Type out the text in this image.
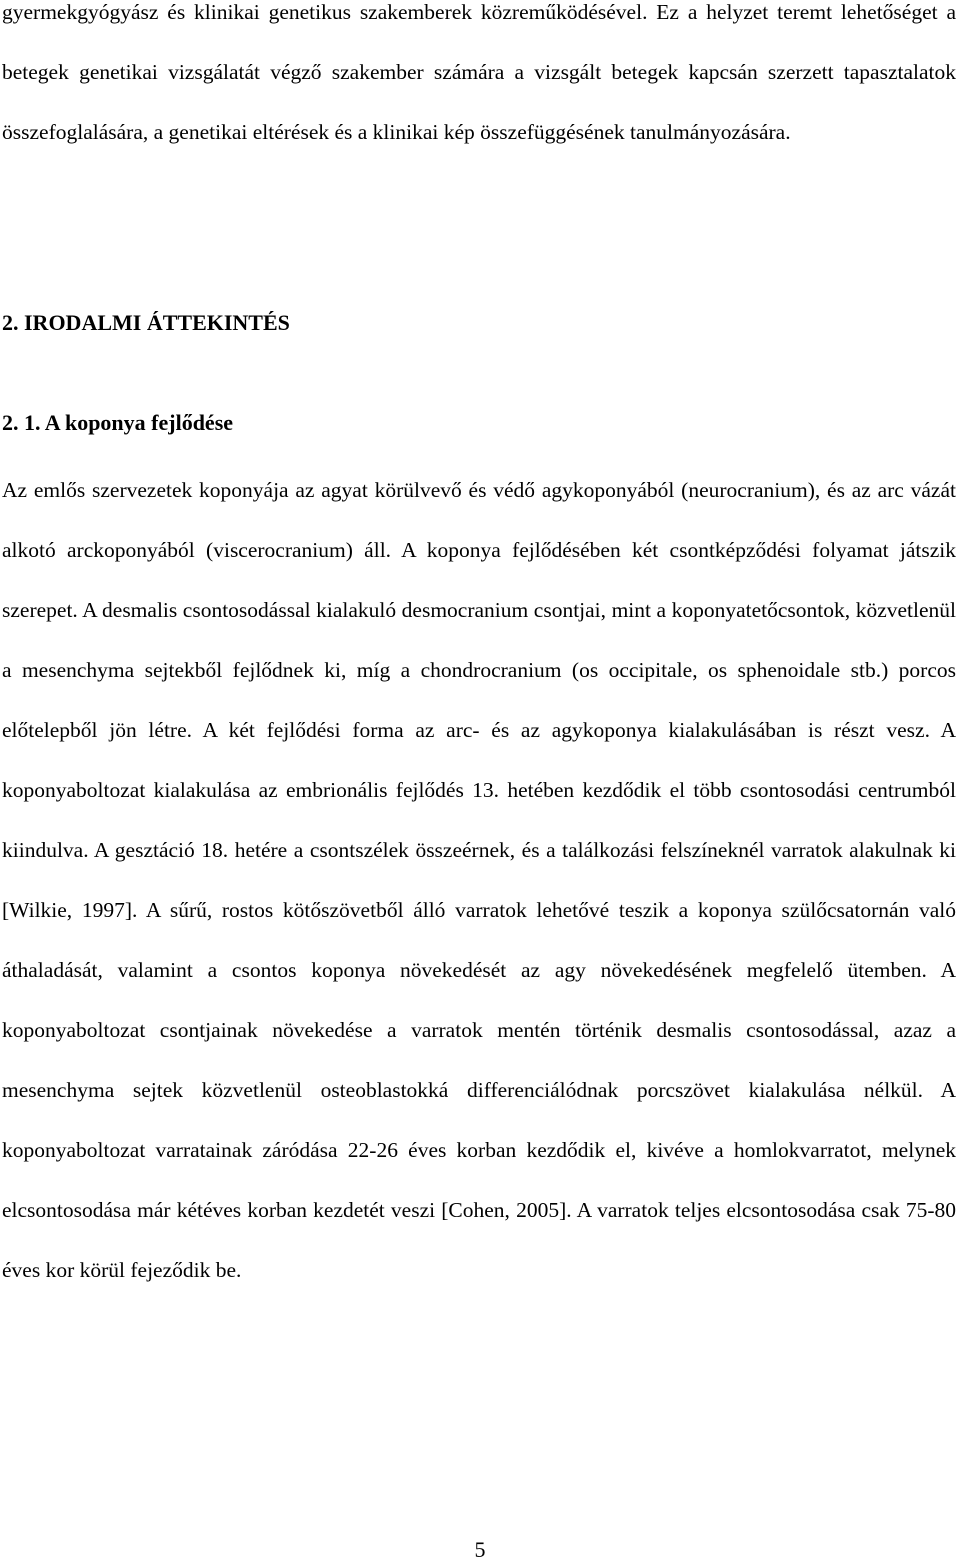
gyermekgyógyász és klinikai genetikus szakemberek közreműködésével. Ez a helyzet teremt lehetőséget a betegek genetikai vizsgálatát végző szakember számára a vizsgált betegek kapcsán szerzett tapasztalatok összefoglalására, a genetikai eltérések és a klinikai kép összefüggésének tanulmányozására.

2. IRODALMI ÁTTEKINTÉS
2. 1. A koponya fejlődése

Az emlős szervezetek koponyája az agyat körülvevő és védő agykoponyából (neurocranium), és az arc vázát alkotó arckoponyából (viscerocranium) áll. A koponya fejlődésében két csontképződési folyamat játszik szerepet. A desmalis csontosodással kialakuló desmocranium csontjai, mint a koponyatetőcsontok, közvetlenül a mesenchyma sejtekből fejlődnek ki, míg a chondrocranium (os occipitale, os sphenoidale stb.) porcos előtelepből jön létre. A két fejlődési forma az arc- és az agykoponya kialakulásában is részt vesz. A koponyaboltozat kialakulása az embrionális fejlődés 13. hetében kezdődik el több csontosodási centrumból kiindulva. A gesztáció 18. hetére a csontszélek összeérnek, és a találkozási felszíneknél varratok alakulnak ki [Wilkie, 1997]. A sűrű, rostos kötőszövetből álló varratok lehetővé teszik a koponya szülőcsatornán való áthaladását, valamint a csontos koponya növekedését az agy növekedésének megfelelő ütemben. A koponyaboltozat csontjainak növekedése a varratok mentén történik desmalis csontosodással, azaz a mesenchyma sejtek közvetlenül osteoblastokká differenciálódnak porcszövet kialakulása nélkül. A koponyaboltozat varratainak záródása 22-26 éves korban kezdődik el, kivéve a homlokvarratot, melynek elcsontosodása már kétéves korban kezdetét veszi [Cohen, 2005]. A varratok teljes elcsontosodása csak 75-80 éves kor körül fejeződik be.

5
